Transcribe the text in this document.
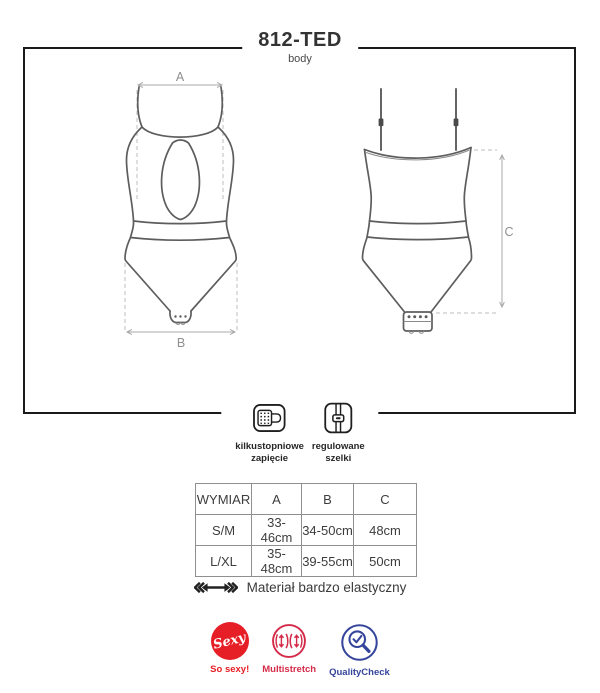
812-TED
body
A
B
C
kilkustopniowe
zapięcie
regulowane
szelki
WYMIAR	A	B	C
S/M	33-46cm	34-50cm	48cm
L/XL	35-48cm	39-55cm	50cm
Materiał bardzo elastyczny
Sexy
So sexy! Multistretch QualityCheck
